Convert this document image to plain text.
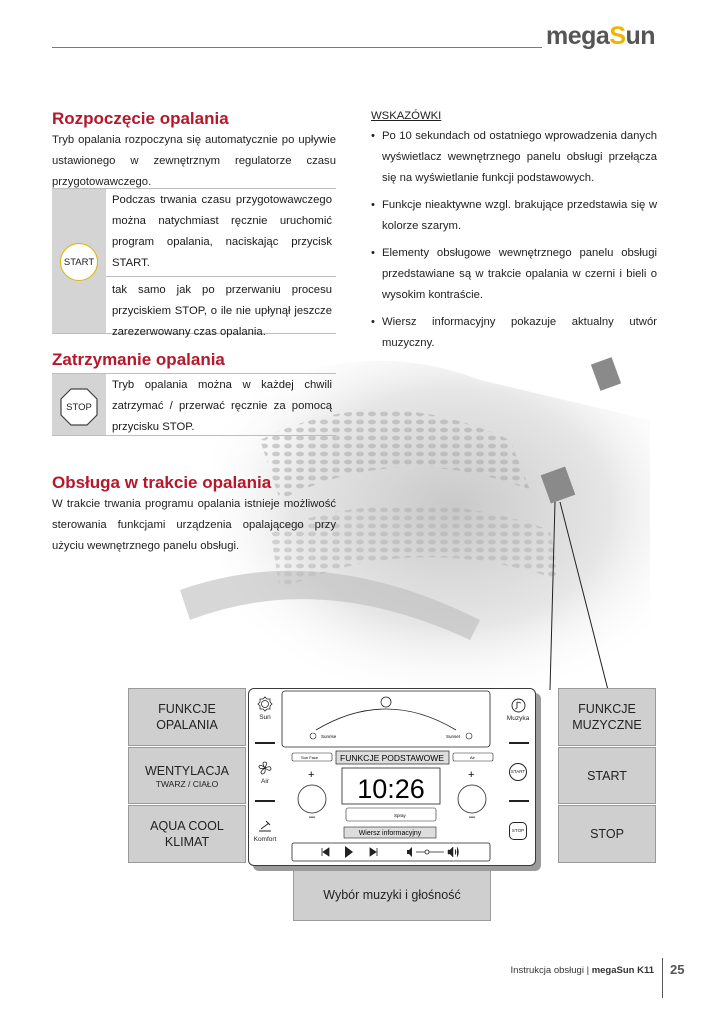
megaSun
Rozpoczęcie opalania

Tryb opalania rozpoczyna się automatycznie po upływie ustawionego w zewnętrznym regulatorze czasu przygotowawczego.

START
Podczas trwania czasu przygotowawczego można natychmiast ręcznie uruchomić program opalania, naciskając przycisk START.
tak samo jak po przerwaniu procesu przyciskiem STOP, o ile nie upłynął jeszcze zarezerwowany czas opalania.
Zatrzymanie opalania
STOP
Tryb opalania można w każdej chwili zatrzymać / przerwać ręcznie za pomocą przycisku STOP.
Obsługa w trakcie opalania

W trakcie trwania programu opalania istnieje możliwość sterowania funkcjami urządzenia opalającego przy użyciu wewnętrznego panelu obsługi.

WSKAZÓWKI
• Po 10 sekundach od ostatniego wprowadzenia danych wyświetlacz wewnętrznego panelu obsługi przełącza się na wyświetlanie funkcji podstawowych.
• Funkcje nieaktywne wzgl. brakujące przedstawia się w kolorze szarym.
• Elementy obsługowe wewnętrznego panelu obsługi przedstawiane są w trakcie opalania w czerni i bieli o wysokim kontraście.
• Wiersz informacyjny pokazuje aktualny utwór muzyczny.
FUNKCJE OPALANIA
WENTYLACJA
TWARZ / CIAŁO
AQUA COOL KLIMAT
FUNKCJE MUZYCZNE
START
STOP
Wybór muzyki i głośność
Sun
Air
Komfort
Muzyka
START
STOP
Sunrise	Sunset
Sun Face
+
–
FUNKCJE PODSTAWOWE
10:26
Spray
Wiersz informacyjny
Air
+
–
Instrukcja obsługi | megaSun K11 25
